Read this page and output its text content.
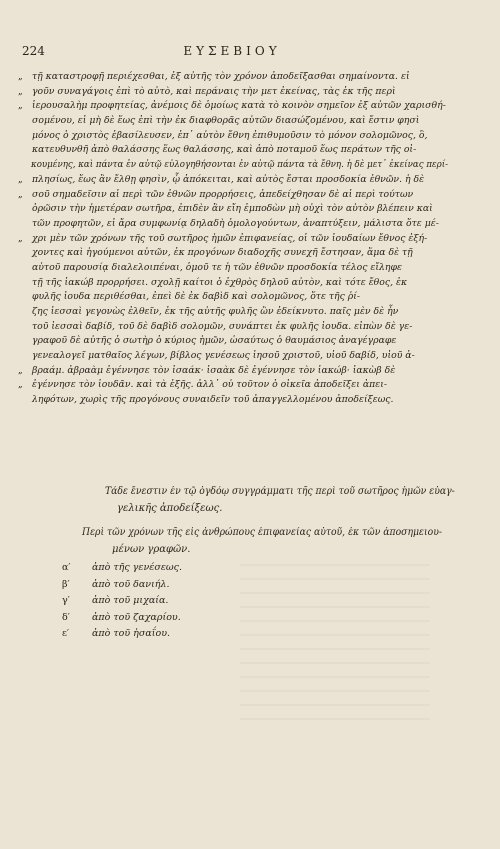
224	ΕΥΣΕΒΙΟΥ
„ τῇ καταστροφῇ περιέχεσθαι, ἐξ αὐτῆς τὸν χρόνον ἀποδεῖξασθαι σημαίνοντα. εἰ
„ γοῦν συναγάγοις ἐπὶ τὸ αὐτὸ, καὶ περάναις τὴν μετ ἐκείνας, τὰς ἐκ τῆς περὶ
„ ἱερουσαλὴμ προφητείας, ἀνέμοις δὲ ὁμοίως κατὰ τὸ κοινὸν σημεῖον ἐξ αὐτῶν χαρισθή-
σομένου, εἰ μὴ δὲ ἕως ἐπὶ τὴν ἐκ διαφθορᾶς αὐτῶν διασώζομένου, καὶ ἔστιν φησὶ
μόνος ὁ χριστὸς ἐβασίλευσεν, ἐπ᾽ αὐτὸν ἔθνη ἐπιθυμοῦσιν τὸ μόνον σολομῶνος, ὃ,
κατευθυνθῆ ἀπὸ θαλάσσης ἕως θαλάσσης, καὶ ἀπὸ ποταμοῦ ἕως περάτων τῆς οἰ-
κουμένης, καὶ πάντα ἐν αὐτῷ εὐλογηθήσονται ἐν αὐτῷ πάντα τὰ ἔθνη. ἡ δὲ μετ᾽ ἐκείνας περί-
„ πλησίως, ἕως ἂν ἔλθῃ φησὶν, ᾧ ἀπόκειται, καὶ αὐτὸς ἔσται προσδοκία ἐθνῶν. ἡ δὲ
„ σοῦ σημαδεῖσιν αἱ περὶ τῶν ἐθνῶν προρρήσεις, ἀπεδείχθησαν δὲ αἱ περὶ τούτων
ὁρῶσιν τὴν ἡμετέραν σωτῆρα, ἐπιδὲν ἂν εἴη ἐμποδὼν μὴ οὐχὶ τὸν αὐτὸν βλέπειν καὶ
τῶν προφητῶν, εἰ ἄρα συμφωνίᾳ δηλαδὴ ὁμολογούντων, ἀναπτύξειν, μάλιστα ὅτε μέ-
„ χρι μὲν τῶν χρόνων τῆς τοῦ σωτῆρος ἡμῶν ἐπιφανείας, οἱ τῶν ἰουδαίων ἔθνος ἐξή-
χοντες καὶ ἡγούμενοι αὐτῶν, ἐκ προγόνων διαδοχῆς συνεχῆ ἔστησαν, ἅμα δὲ τῇ
αὐτοῦ παρουσίᾳ διαλελοιπέναι, ὁμοῦ τε ἡ τῶν ἐθνῶν προσδοκία τέλος εἴληφε
τῇ τῆς ἰακώβ προρρήσει. σχολῇ καίτοι ὁ ἐχθρὸς δηλοῦ αὐτὸν, καὶ τότε ἔθος, ἐκ
φυλῆς ἰουδα περιθέσθαι, ἐπεὶ δὲ ἐκ δαβὶδ καὶ σολομῶνος, ὅτε τῆς ῥί-
ζης ἰεσσαὶ γεγονὼς ἐλθεῖν, ἐκ τῆς αὐτῆς φυλῆς ὢν ἐδείκνυτο. παῖς μὲν δὲ ἦν
τοῦ ἰεσσαὶ δαβίδ, τοῦ δὲ δαβὶδ σολομῶν, συνάπτει ἐκ φυλῆς ἰουδα. εἰπὼν δὲ γε-
γραφοῦ δὲ αὐτῆς ὁ σωτὴρ ὁ κύριος ἡμῶν, ὡσαύτως ὁ θαυμάσιος ἀναγέγραφε
γενεαλογεῖ ματθαῖος λέγων, βίβλος γενέσεως ἰησοῦ χριστοῦ, υἱοῦ δαβίδ, υἱοῦ ἀ-
„ βραάμ. ἀβραὰμ ἐγέννησε τὸν ἰσαάκ· ἰσαὰκ δὲ ἐγέννησε τὸν ἰακώβ· ἰακὼβ δὲ
„ ἐγέννησε τὸν ἰουδᾶν. καὶ τὰ ἑξῆς. ἀλλ᾽ οὐ τοῦτον ὁ οἰκεῖα ἀποδεῖξει ἀπει-
ληφότων, χωρὶς τῆς προγόνους συναιδεῖν τοῦ ἀπαγγελλομένου ἀποδείξεως.
Τάδε ἔνεστιν ἐν τῷ ὀγδόῳ συγγράμματι τῆς περὶ τοῦ σωτῆρος ἡμῶν εὐαγ-
γελικῆς ἀποδείξεως.
Περὶ τῶν χρόνων τῆς εἰς ἀνθρώπους ἐπιφανείας αὐτοῦ, ἐκ τῶν ἀποσημειου-
μένων γραφῶν.
α′ ἀπὸ τῆς γενέσεως.
β′ ἀπὸ τοῦ δανιήλ.
γ′ ἀπὸ τοῦ μιχαία.
δ′ ἀπὸ τοῦ ζαχαρίου.
ε′ ἀπὸ τοῦ ἠσαΐου.
